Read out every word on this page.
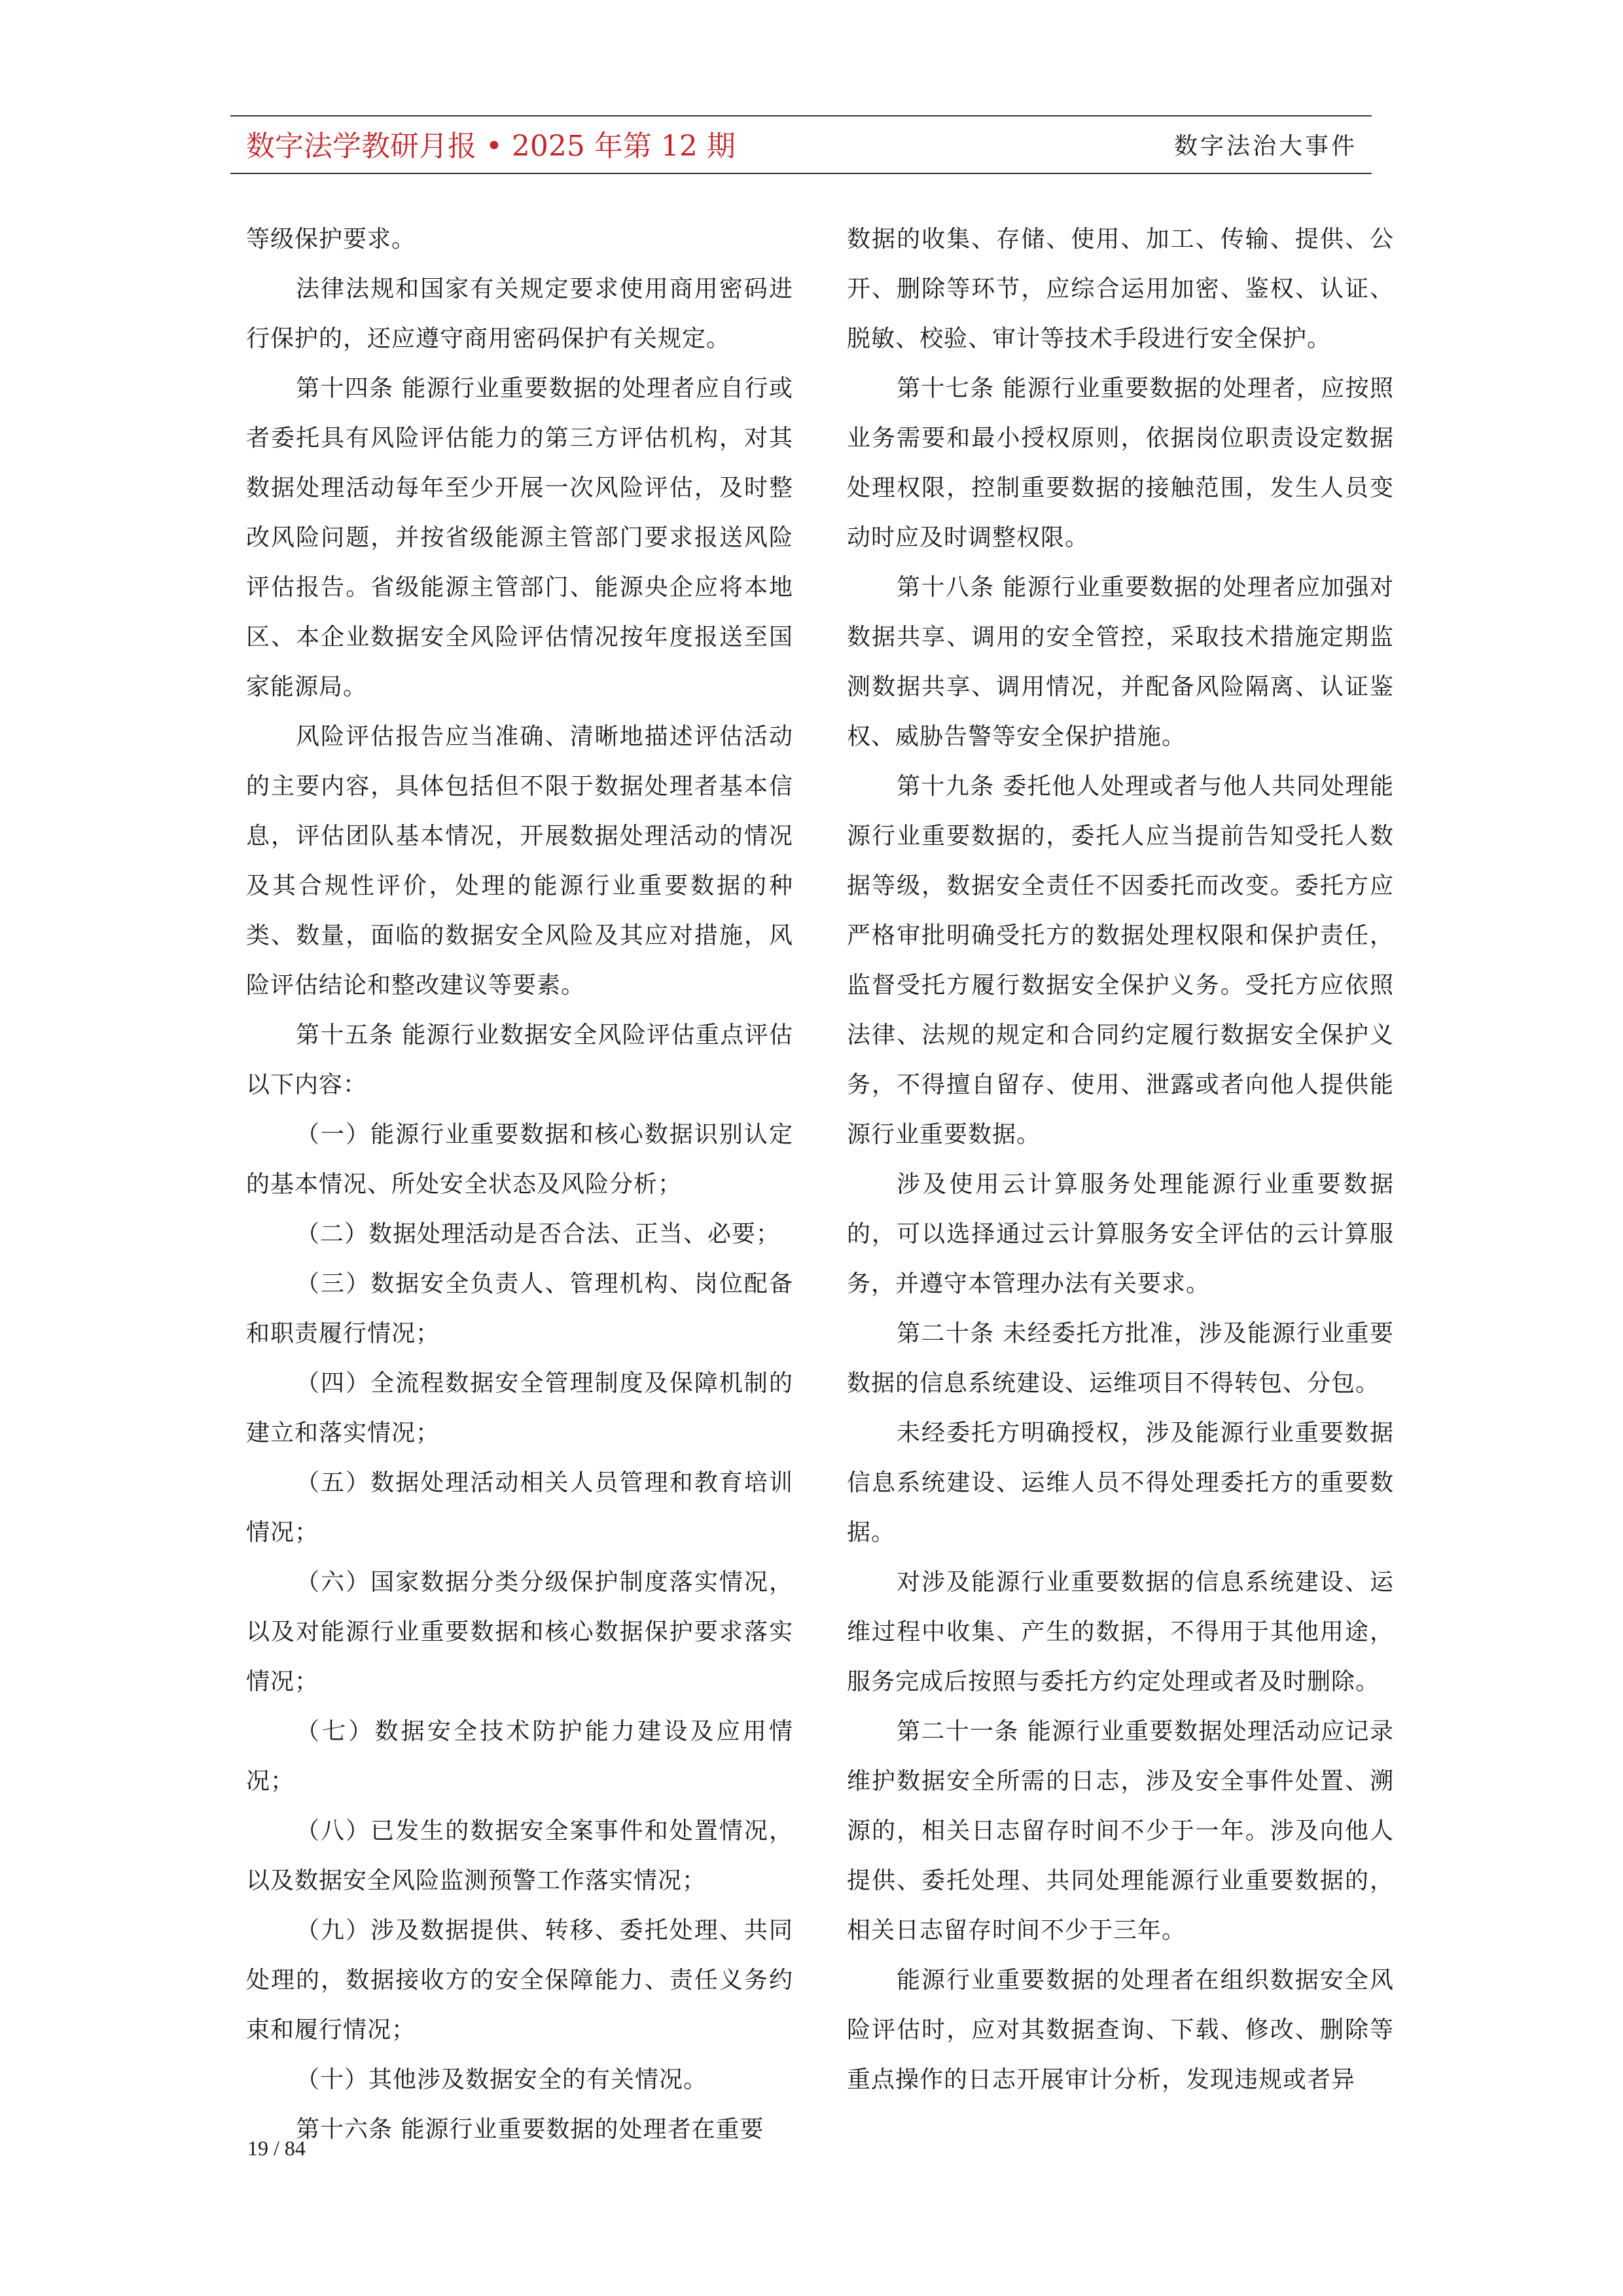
数字法学教研月报 • 2025 年第 12 期	数字法治大事件

等级保护要求。

法律法规和国家有关规定要求使用商用密码进行保护的，还应遵守商用密码保护有关规定。

第十四条 能源行业重要数据的处理者应自行或者委托具有风险评估能力的第三方评估机构，对其数据处理活动每年至少开展一次风险评估，及时整改风险问题，并按省级能源主管部门要求报送风险评估报告。省级能源主管部门、能源央企应将本地区、本企业数据安全风险评估情况按年度报送至国家能源局。

风险评估报告应当准确、清晰地描述评估活动的主要内容，具体包括但不限于数据处理者基本信息，评估团队基本情况，开展数据处理活动的情况及其合规性评价，处理的能源行业重要数据的种类、数量，面临的数据安全风险及其应对措施，风险评估结论和整改建议等要素。

第十五条 能源行业数据安全风险评估重点评估以下内容：

（一）能源行业重要数据和核心数据识别认定的基本情况、所处安全状态及风险分析；

（二）数据处理活动是否合法、正当、必要；

（三）数据安全负责人、管理机构、岗位配备和职责履行情况；

（四）全流程数据安全管理制度及保障机制的建立和落实情况；

（五）数据处理活动相关人员管理和教育培训情况；

（六）国家数据分类分级保护制度落实情况，以及对能源行业重要数据和核心数据保护要求落实情况；

（七）数据安全技术防护能力建设及应用情况；

（八）已发生的数据安全案事件和处置情况，以及数据安全风险监测预警工作落实情况；

（九）涉及数据提供、转移、委托处理、共同处理的，数据接收方的安全保障能力、责任义务约束和履行情况；

（十）其他涉及数据安全的有关情况。

第十六条 能源行业重要数据的处理者在重要

数据的收集、存储、使用、加工、传输、提供、公开、删除等环节，应综合运用加密、鉴权、认证、脱敏、校验、审计等技术手段进行安全保护。

第十七条 能源行业重要数据的处理者，应按照业务需要和最小授权原则，依据岗位职责设定数据处理权限，控制重要数据的接触范围，发生人员变动时应及时调整权限。

第十八条 能源行业重要数据的处理者应加强对数据共享、调用的安全管控，采取技术措施定期监测数据共享、调用情况，并配备风险隔离、认证鉴权、威胁告警等安全保护措施。

第十九条 委托他人处理或者与他人共同处理能源行业重要数据的，委托人应当提前告知受托人数据等级，数据安全责任不因委托而改变。委托方应严格审批明确受托方的数据处理权限和保护责任，监督受托方履行数据安全保护义务。受托方应依照法律、法规的规定和合同约定履行数据安全保护义务，不得擅自留存、使用、泄露或者向他人提供能源行业重要数据。

涉及使用云计算服务处理能源行业重要数据的，可以选择通过云计算服务安全评估的云计算服务，并遵守本管理办法有关要求。

第二十条 未经委托方批准，涉及能源行业重要数据的信息系统建设、运维项目不得转包、分包。

未经委托方明确授权，涉及能源行业重要数据信息系统建设、运维人员不得处理委托方的重要数据。

对涉及能源行业重要数据的信息系统建设、运维过程中收集、产生的数据，不得用于其他用途，服务完成后按照与委托方约定处理或者及时删除。

第二十一条 能源行业重要数据处理活动应记录维护数据安全所需的日志，涉及安全事件处置、溯源的，相关日志留存时间不少于一年。涉及向他人提供、委托处理、共同处理能源行业重要数据的，相关日志留存时间不少于三年。

能源行业重要数据的处理者在组织数据安全风险评估时，应对其数据查询、下载、修改、删除等重点操作的日志开展审计分析，发现违规或者异

19 / 84
